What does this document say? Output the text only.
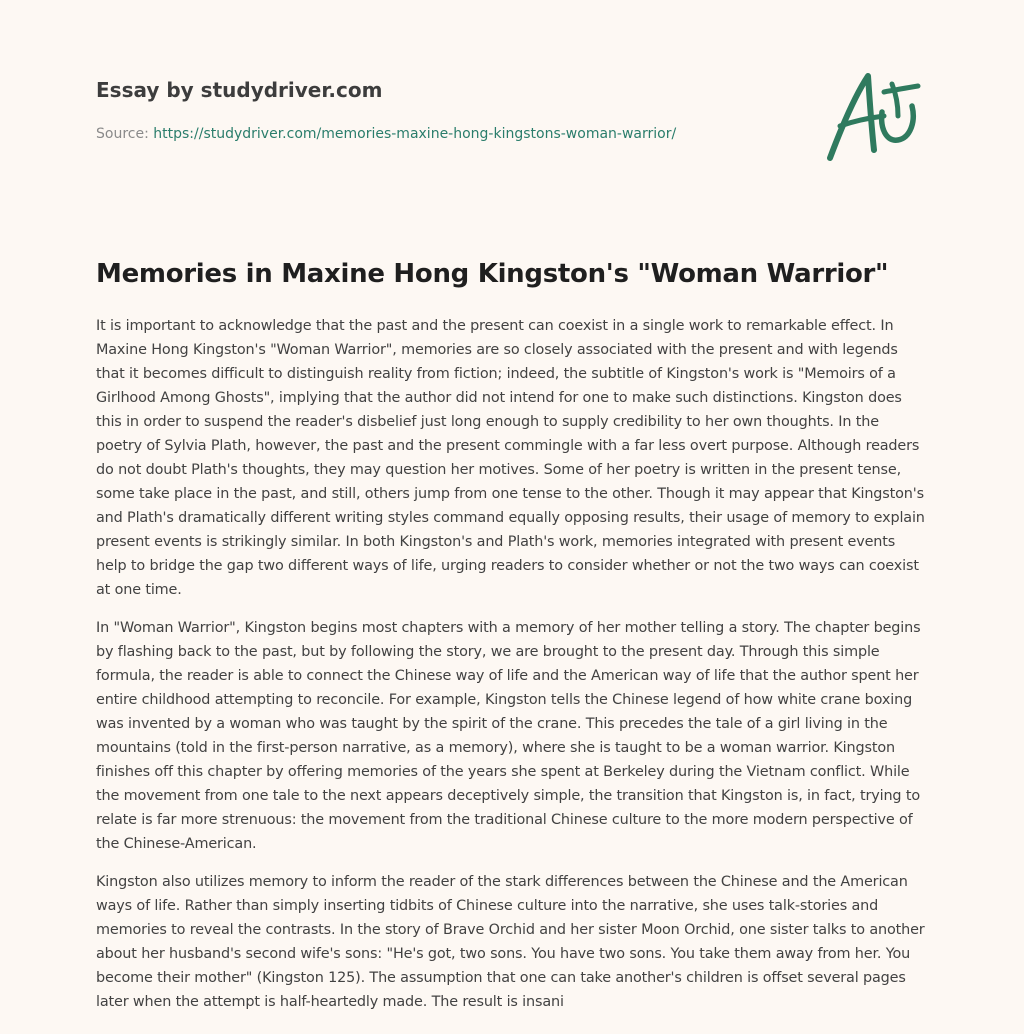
Essay by studydriver.com
Source: https://studydriver.com/memories-maxine-hong-kingstons-woman-warrior/
Memories in Maxine Hong Kingston's "Woman Warrior"

It is important to acknowledge that the past and the present can coexist in a single work to remarkable effect. In Maxine Hong Kingston's "Woman Warrior", memories are so closely associated with the present and with legends that it becomes difficult to distinguish reality from fiction; indeed, the subtitle of Kingston's work is "Memoirs of a Girlhood Among Ghosts", implying that the author did not intend for one to make such distinctions. Kingston does this in order to suspend the reader's disbelief just long enough to supply credibility to her own thoughts. In the poetry of Sylvia Plath, however, the past and the present commingle with a far less overt purpose. Although readers do not doubt Plath's thoughts, they may question her motives. Some of her poetry is written in the present tense, some take place in the past, and still, others jump from one tense to the other. Though it may appear that Kingston's and Plath's dramatically different writing styles command equally opposing results, their usage of memory to explain present events is strikingly similar. In both Kingston's and Plath's work, memories integrated with present events help to bridge the gap two different ways of life, urging readers to consider whether or not the two ways can coexist at one time.

In "Woman Warrior", Kingston begins most chapters with a memory of her mother telling a story. The chapter begins by flashing back to the past, but by following the story, we are brought to the present day. Through this simple formula, the reader is able to connect the Chinese way of life and the American way of life that the author spent her entire childhood attempting to reconcile. For example, Kingston tells the Chinese legend of how white crane boxing was invented by a woman who was taught by the spirit of the crane. This precedes the tale of a girl living in the mountains (told in the first-person narrative, as a memory), where she is taught to be a woman warrior. Kingston finishes off this chapter by offering memories of the years she spent at Berkeley during the Vietnam conflict. While the movement from one tale to the next appears deceptively simple, the transition that Kingston is, in fact, trying to relate is far more strenuous: the movement from the traditional Chinese culture to the more modern perspective of the Chinese-American.

Kingston also utilizes memory to inform the reader of the stark differences between the Chinese and the American ways of life. Rather than simply inserting tidbits of Chinese culture into the narrative, she uses talk-stories and memories to reveal the contrasts. In the story of Brave Orchid and her sister Moon Orchid, one sister talks to another about her husband's second wife's sons: "He's got, two sons. You have two sons. You take them away from her. You become their mother" (Kingston 125). The assumption that one can take another's children is offset several pages later when the attempt is half-heartedly made. The result is insani
